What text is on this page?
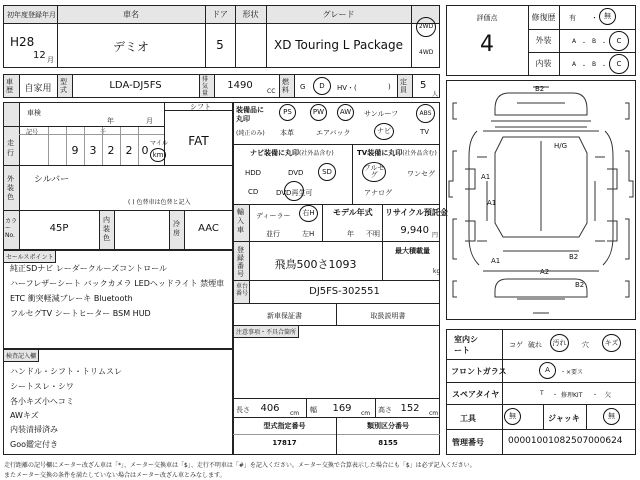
初年度登録年月	車名	ドア	形状	グレード
H28
12 月
デミオ	5	XD Touring L Package
2WD
4WD
車歴	自家用
型式	LDA-DJ5FS
排気量
1490
CC
燃料	G D HV・(	)
定員	5
人
車検
年	月
シフト
FAT
走行
記号	千
9	3	2	2 0
マイル
km
外装色
シルバー
( ) 色替車は色替と記入
カラーNo.
45P
内装色
冷房	AAC
セールスポイント
純正SDナビ レーダークルーズコントロール
ハーフレザーシート バックカメラ LEDヘッドライト 禁煙車
ETC 衝突軽減ブレーキ Bluetooth
フルセグTV シートヒーター BSM HUD
検査記入欄
ハンドル・シフト・トリムスレ
シートスレ・シワ
各小キズ小ヘコミ
AWキズ
内装清掃済み
Goo鑑定付き
装備品に丸印
(純正のみ)
PS	PW AW サンルーフ	ABS
本革	エアバック	ナビ	TV
ナビ装備に丸印(社外品含む)	TV装備に丸印(社外品含む)
HDD	DVD	SD
CD	DVD再生可
フルセグ	ワンセグ
アナログ
輸入車
ディーラー 右H
並行	左H
モデル年式
年 不明
リサイクル預託金
9,940 円
登録番号
飛鳥500さ1093
最大積載量
kg
車台番号	DJ5FS-302551
新車保証書	取扱説明書
注意事項・不具合箇所
長さ	406	cm 幅	169	cm 高さ 152	cm
型式指定番号	類別区分番号
17817	8155
評価点
4
修復歴	有 ・ 無
外装	A ・ B ・ C
内装	A ・ B ・ C
B2
A1
H/G
B2
A1
A1
A2
B2
室内シート
コゲ 破れ 汚れ 穴 キズ
フロントガラス	A ・×要ス
スペアタイヤ	T ・ 修理KIT ・ 欠
工具	無	ジャッキ	無
管理番号	00001001082507000624
走行距離の記号欄にメーター改ざん車は「*」、メーター交換車は「$」、走行不明車は「#」を記入ください。メーター交換で合算表示した場合にも「$」は必ず記入ください。
またメーター交換の条件を満たしていない場合はメーター改ざん車とみなします。
